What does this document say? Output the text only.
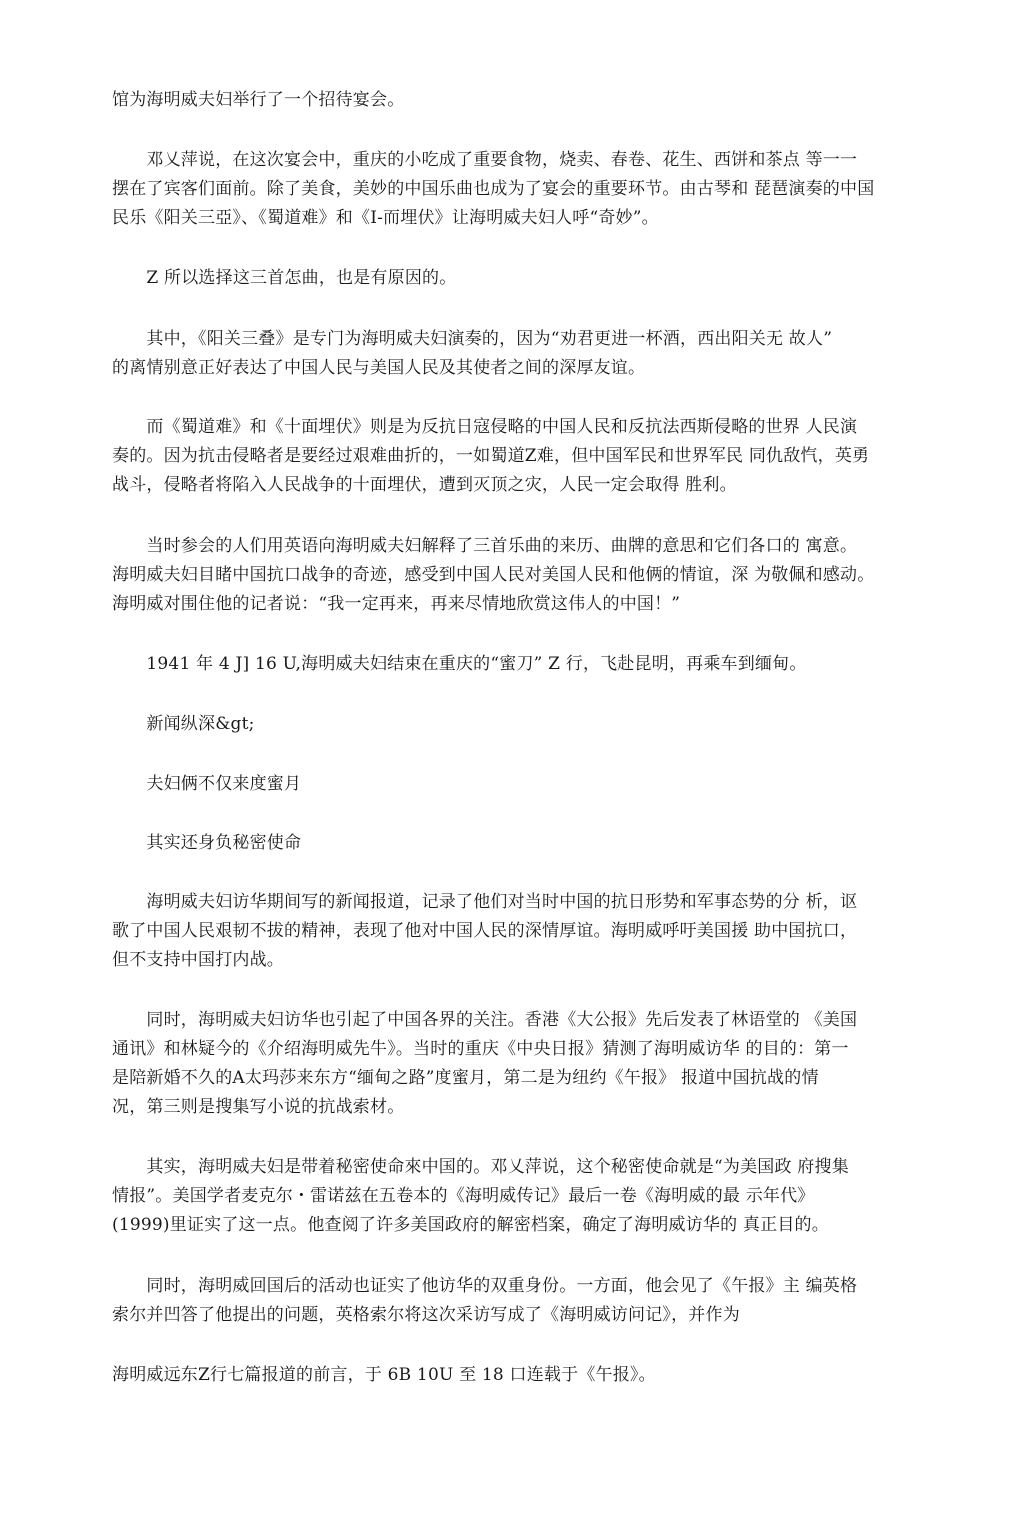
馆为海明威夫妇举行了一个招待宴会。

　　邓乂萍说，在这次宴会中，重庆的小吃成了重要食物，烧卖、春卷、花生、西饼和茶点 等一一
摆在了宾客们面前。除了美食，美妙的中国乐曲也成为了宴会的重要环节。由古琴和 琵琶演奏的中国
民乐《阳关三亞》、《蜀道难》和《I-而埋伏》让海明威夫妇人呼“奇妙”。

　　Z 所以选择这三首怎曲，也是有原因的。

　　其中，《阳关三叠》是专门为海明威夫妇演奏的，因为“劝君更进一杯酒，西出阳关无 故人”
的离情别意正好表达了中国人民与美国人民及其使者之间的深厚友谊。

　　而《蜀道难》和《十面埋伏》则是为反抗日寇侵略的中国人民和反抗法西斯侵略的世界 人民演
奏的。因为抗击侵略者是要经过艰难曲折的，一如蜀道Z难，但中国军民和世界军民 同仇敌忾，英勇
战斗，侵略者将陷入人民战争的十面埋伏，遭到灭顶之灾，人民一定会取得 胜利。

　　当时参会的人们用英语向海明威夫妇解释了三首乐曲的来历、曲牌的意思和它们各口的 寓意。
海明威夫妇目睹中国抗口战争的奇迹，感受到中国人民对美国人民和他俩的情谊，深 为敬佩和感动。
海明威对围住他的记者说：“我一定再来，再来尽情地欣赏这伟人的中国！”

　　1941 年 4 J] 16 U,海明威夫妇结束在重庆的“蜜刀” Z 行，飞赴昆明，再乘车到缅甸。

　　新闻纵深&gt;

　　夫妇俩不仅来度蜜月

　　其实还身负秘密使命

　　海明威夫妇访华期间写的新闻报道，记录了他们对当时中国的抗日形势和军事态势的分 析，讴
歌了中国人民艰韧不拔的精神，表现了他对中国人民的深情厚谊。海明威呼吁美国援 助中国抗口，
但不支持中国打内战。

　　同时，海明威夫妇访华也引起了中国各界的关注。香港《大公报》先后发表了林语堂的 《美国
通讯》和林疑今的《介绍海明威先牛》。当时的重庆《中央日报》猜测了海明威访华 的目的：第一
是陪新婚不久的A太玛莎来东方“缅甸之路”度蜜月，第二是为纽约《午报》 报道中国抗战的情
况，第三则是搜集写小说的抗战索材。

　　其实，海明威夫妇是带着秘密使命來中国的。邓乂萍说，这个秘密使命就是“为美国政 府搜集
情报”。美国学者麦克尔・雷诺兹在五卷本的《海明威传记》最后一卷《海明威的最 示年代》
(1999)里证实了这一点。他查阅了许多美国政府的解密档案，确定了海明威访华的 真正目的。

　　同时，海明威回国后的活动也证实了他访华的双重身份。一方面，他会见了《午报》主 编英格
索尔并凹答了他提出的问题，英格索尔将这次采访写成了《海明威访问记》，并作为

海明威远东Z行七篇报道的前言，于 6B 10U 至 18 口连载于《午报》。
